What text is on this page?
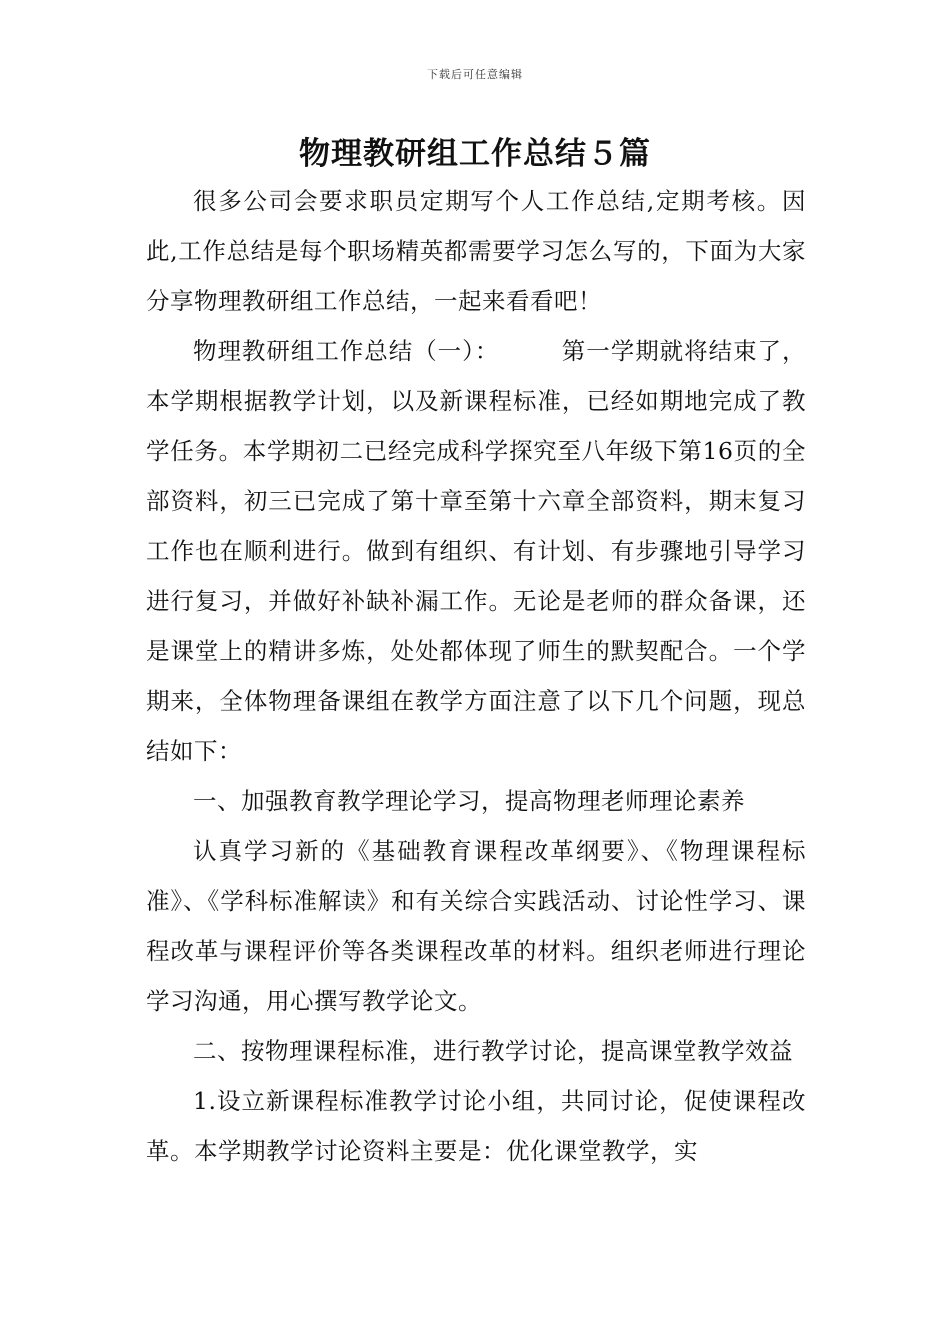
下载后可任意编辑
物理教研组工作总结５篇

很多公司会要求职员定期写个人工作总结,定期考核。因此,工作总结是每个职场精英都需要学习怎么写的，下面为大家分享物理教研组工作总结，一起来看看吧！

物理教研组工作总结（一）：	第一学期就将结束了，本学期根据教学计划，以及新课程标准，已经如期地完成了教学任务。本学期初二已经完成科学探究至八年级下第16页的全部资料，初三已完成了第十章至第十六章全部资料，期末复习工作也在顺利进行。做到有组织、有计划、有步骤地引导学习进行复习，并做好补缺补漏工作。无论是老师的群众备课，还是课堂上的精讲多炼，处处都体现了师生的默契配合。一个学期来，全体物理备课组在教学方面注意了以下几个问题，现总结如下：

一、加强教育教学理论学习，提高物理老师理论素养

认真学习新的《基础教育课程改革纲要》、《物理课程标准》、《学科标准解读》和有关综合实践活动、讨论性学习、课程改革与课程评价等各类课程改革的材料。组织老师进行理论学习沟通，用心撰写教学论文。

二、按物理课程标准，进行教学讨论，提高课堂教学效益

1.设立新课程标准教学讨论小组，共同讨论，促使课程改革。本学期教学讨论资料主要是：优化课堂教学，实
